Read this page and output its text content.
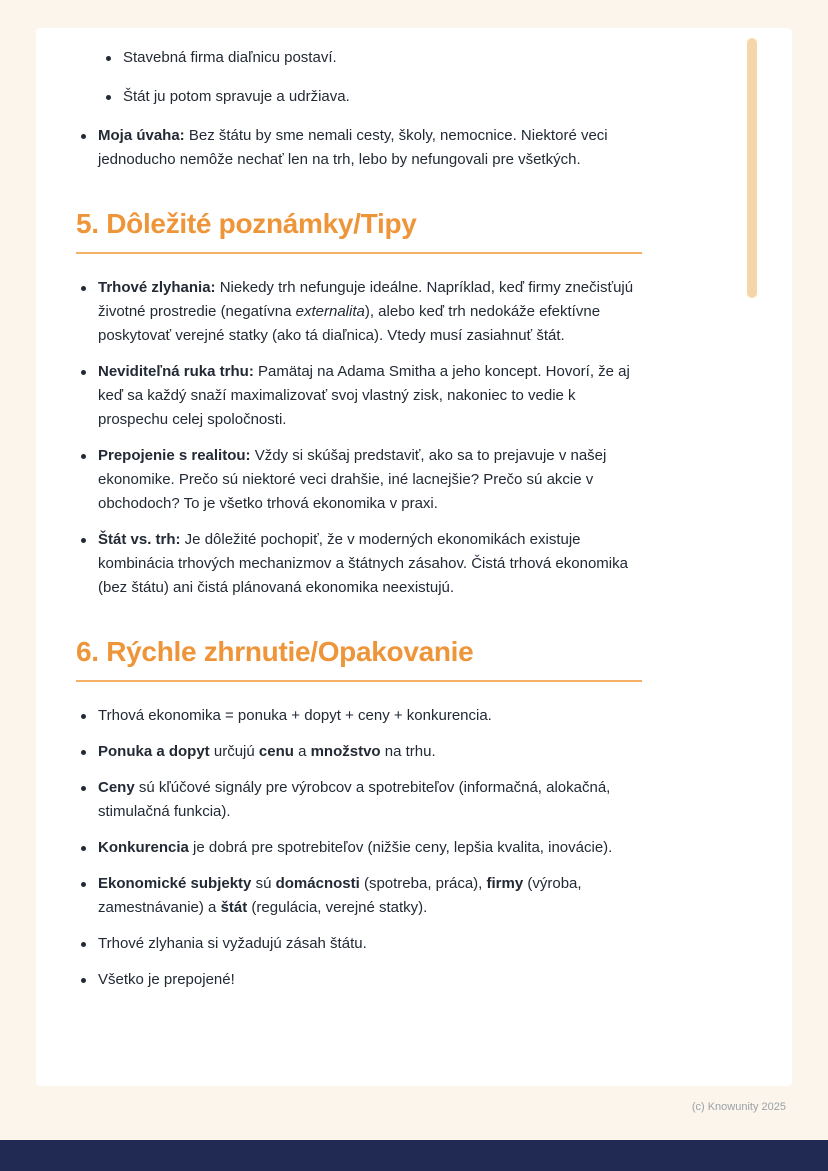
Stavebná firma diaľnicu postaví.
Štát ju potom spravuje a udržiava.
Moja úvaha: Bez štátu by sme nemali cesty, školy, nemocnice. Niektoré veci jednoducho nemôže nechať len na trh, lebo by nefungovali pre všetkých.
5. Dôležité poznámky/Tipy
Trhové zlyhania: Niekedy trh nefunguje ideálne. Napríklad, keď firmy znečisťujú životné prostredie (negatívna externalita), alebo keď trh nedokáže efektívne poskytovať verejné statky (ako tá diaľnica). Vtedy musí zasiahnuť štát.
Neviditeľná ruka trhu: Pamätaj na Adama Smitha a jeho koncept. Hovorí, že aj keď sa každý snaží maximalizovať svoj vlastný zisk, nakoniec to vedie k prospechu celej spoločnosti.
Prepojenie s realitou: Vždy si skúšaj predstaviť, ako sa to prejavuje v našej ekonomike. Prečo sú niektoré veci drahšie, iné lacnejšie? Prečo sú akcie v obchodoch? To je všetko trhová ekonomika v praxi.
Štát vs. trh: Je dôležité pochopiť, že v moderných ekonomikách existuje kombinácia trhových mechanizmov a štátnych zásahov. Čistá trhová ekonomika (bez štátu) ani čistá plánovaná ekonomika neexistujú.
6. Rýchle zhrnutie/Opakovanie
Trhová ekonomika = ponuka + dopyt + ceny + konkurencia.
Ponuka a dopyt určujú cenu a množstvo na trhu.
Ceny sú kľúčové signály pre výrobcov a spotrebiteľov (informačná, alokačná, stimulačná funkcia).
Konkurencia je dobrá pre spotrebiteľov (nižšie ceny, lepšia kvalita, inovácie).
Ekonomické subjekty sú domácnosti (spotreba, práca), firmy (výroba, zamestnávanie) a štát (regulácia, verejné statky).
Trhové zlyhania si vyžadujú zásah štátu.
Všetko je prepojené!
(c) Knowunity 2025
